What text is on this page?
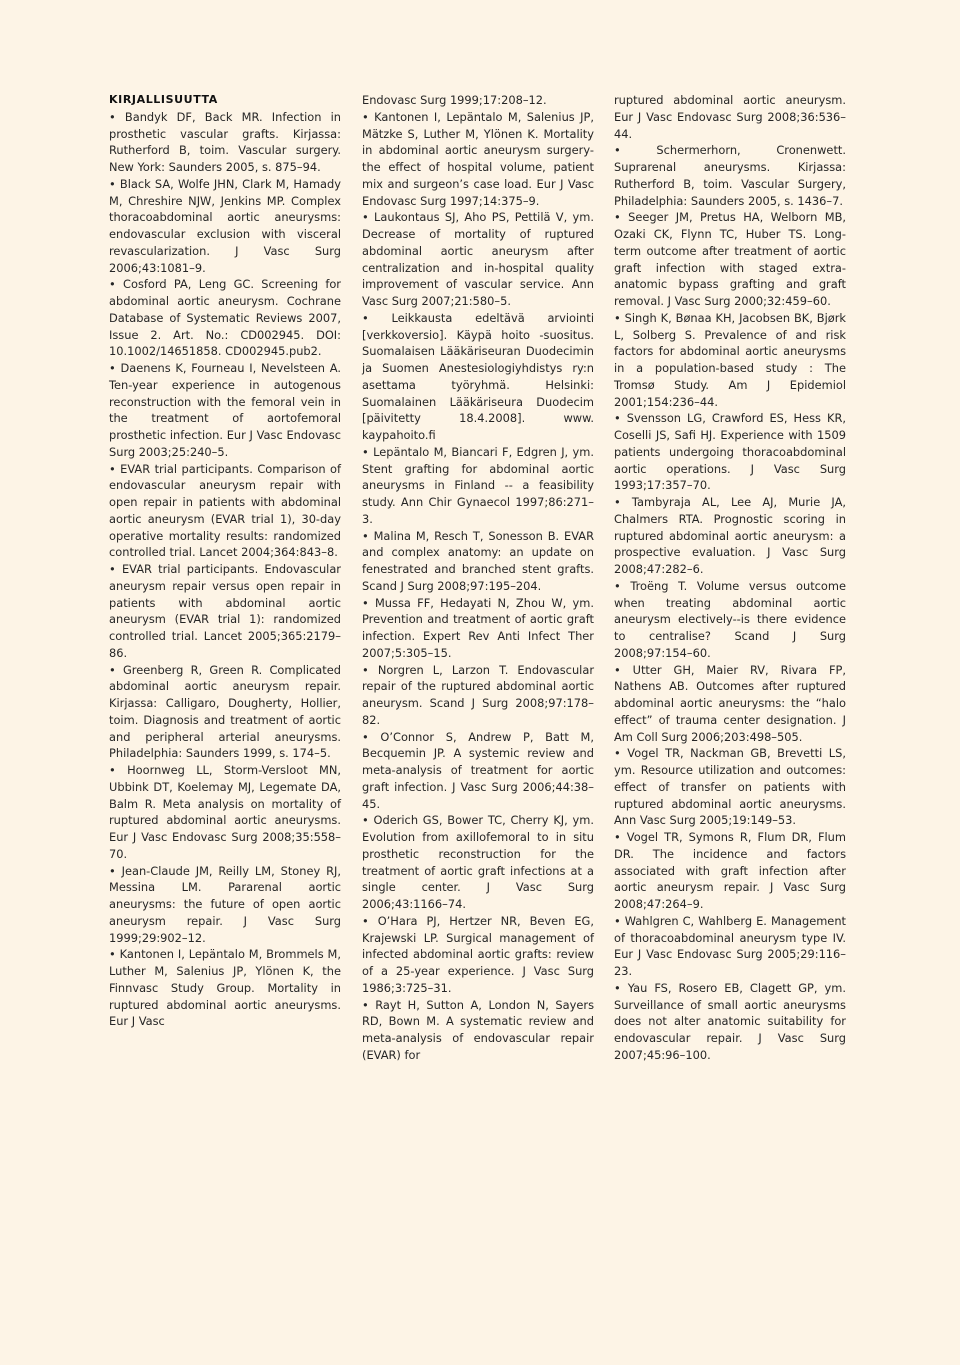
KIRJALLISUUTTA

• Bandyk DF, Back MR. Infection in prosthetic vascular grafts. Kirjassa: Rutherford B, toim. Vascular surgery. New York: Saunders 2005, s. 875–94.

• Black SA, Wolfe JHN, Clark M, Hamady M, Chreshire NJW, Jenkins MP. Complex thoracoabdominal aortic aneurysms: endovascular exclusion with visceral revascularization. J Vasc Surg 2006;43:1081–9.

• Cosford PA, Leng GC. Screening for abdominal aortic aneurysm. Cochrane Database of Systematic Reviews 2007, Issue 2. Art. No.: CD002945. DOI: 10.1002/14651858. CD002945.pub2.

• Daenens K, Fourneau I, Nevelsteen A. Ten-year experience in autogenous reconstruction with the femoral vein in the treatment of aortofemoral prosthetic infection. Eur J Vasc Endovasc Surg 2003;25:240–5.

• EVAR trial participants. Comparison of endovascular aneurysm repair with open repair in patients with abdominal aortic aneurysm (EVAR trial 1), 30-day operative mortality results: randomized controlled trial. Lancet 2004;364:843–8.

• EVAR trial participants. Endovascular aneurysm repair versus open repair in patients with abdominal aortic aneurysm (EVAR trial 1): randomized controlled trial. Lancet 2005;365:2179–86.

• Greenberg R, Green R. Complicated abdominal aortic aneurysm repair. Kirjassa: Calligaro, Dougherty, Hollier, toim. Diagnosis and treatment of aortic and peripheral arterial aneurysms. Philadelphia: Saunders 1999, s. 174–5.

• Hoornweg LL, Storm-Versloot MN, Ubbink DT, Koelemay MJ, Legemate DA, Balm R. Meta analysis on mortality of ruptured abdominal aortic aneurysms. Eur J Vasc Endovasc Surg 2008;35:558–70.

• Jean-Claude JM, Reilly LM, Stoney RJ, Messina LM. Pararenal aortic aneurysms: the future of open aortic aneurysm repair. J Vasc Surg 1999;29:902–12.

• Kantonen I, Lepäntalo M, Brommels M, Luther M, Salenius JP, Ylönen K, the Finnvasc Study Group. Mortality in ruptured abdominal aortic aneurysms. Eur J Vasc

Endovasc Surg 1999;17:208–12.

• Kantonen I, Lepäntalo M, Salenius JP, Mätzke S, Luther M, Ylönen K. Mortality in abdominal aortic aneurysm surgery-the effect of hospital volume, patient mix and surgeon’s case load. Eur J Vasc Endovasc Surg 1997;14:375–9.

• Laukontaus SJ, Aho PS, Pettilä V, ym. Decrease of mortality of ruptured abdominal aortic aneurysm after centralization and in-hospital quality improvement of vascular service. Ann Vasc Surg 2007;21:580–5.

• Leikkausta edeltävä arviointi [verkkoversio]. Käypä hoito -suositus. Suomalaisen Lääkäriseuran Duodecimin ja Suomen Anestesiologiyhdistys ry:n asettama työryhmä. Helsinki: Suomalainen Lääkäriseura Duodecim [päivitetty 18.4.2008]. www. kaypahoito.fi

• Lepäntalo M, Biancari F, Edgren J, ym. Stent grafting for abdominal aortic aneurysms in Finland -- a feasibility study. Ann Chir Gynaecol 1997;86:271–3.

• Malina M, Resch T, Sonesson B. EVAR and complex anatomy: an update on fenestrated and branched stent grafts. Scand J Surg 2008;97:195–204.

• Mussa FF, Hedayati N, Zhou W, ym. Prevention and treatment of aortic graft infection. Expert Rev Anti Infect Ther 2007;5:305–15.

• Norgren L, Larzon T. Endovascular repair of the ruptured abdominal aortic aneurysm. Scand J Surg 2008;97:178–82.

• O’Connor S, Andrew P, Batt M, Becquemin JP. A systemic review and meta-analysis of treatment for aortic graft infection. J Vasc Surg 2006;44:38–45.

• Oderich GS, Bower TC, Cherry KJ, ym. Evolution from axillofemoral to in situ prosthetic reconstruction for the treatment of aortic graft infections at a single center. J Vasc Surg 2006;43:1166–74.

• O’Hara PJ, Hertzer NR, Beven EG, Krajewski LP. Surgical management of infected abdominal aortic grafts: review of a 25-year experience. J Vasc Surg 1986;3:725–31.

• Rayt H, Sutton A, London N, Sayers RD, Bown M. A systematic review and meta-analysis of endovascular repair (EVAR) for

ruptured abdominal aortic aneurysm. Eur J Vasc Endovasc Surg 2008;36:536–44.

• Schermerhorn, Cronenwett. Suprarenal aneurysms. Kirjassa: Rutherford B, toim. Vascular Surgery, Philadelphia: Saunders 2005, s. 1436–7.

• Seeger JM, Pretus HA, Welborn MB, Ozaki CK, Flynn TC, Huber TS. Long-term outcome after treatment of aortic graft infection with staged extra-anatomic bypass grafting and graft removal. J Vasc Surg 2000;32:459–60.

• Singh K, Bønaa KH, Jacobsen BK, Bjørk L, Solberg S. Prevalence of and risk factors for abdominal aortic aneurysms in a population-based study : The Tromsø Study. Am J Epidemiol 2001;154:236–44.

• Svensson LG, Crawford ES, Hess KR, Coselli JS, Safi HJ. Experience with 1509 patients undergoing thoracoabdominal aortic operations. J Vasc Surg 1993;17:357–70.

• Tambyraja AL, Lee AJ, Murie JA, Chalmers RTA. Prognostic scoring in ruptured abdominal aortic aneurysm: a prospective evaluation. J Vasc Surg 2008;47:282–6.

• Troëng T. Volume versus outcome when treating abdominal aortic aneurysm electively--is there evidence to centralise? Scand J Surg 2008;97:154–60.

• Utter GH, Maier RV, Rivara FP, Nathens AB. Outcomes after ruptured abdominal aortic aneurysms: the “halo effect” of trauma center designation. J Am Coll Surg 2006;203:498–505.

• Vogel TR, Nackman GB, Brevetti LS, ym. Resource utilization and outcomes: effect of transfer on patients with ruptured abdominal aortic aneurysms. Ann Vasc Surg 2005;19:149–53.

• Vogel TR, Symons R, Flum DR, Flum DR. The incidence and factors associated with graft infection after aortic aneurysm repair. J Vasc Surg 2008;47:264–9.

• Wahlgren C, Wahlberg E. Management of thoracoabdominal aneurysm type IV. Eur J Vasc Endovasc Surg 2005;29:116–23.

• Yau FS, Rosero EB, Clagett GP, ym. Surveillance of small aortic aneurysms does not alter anatomic suitability for endovascular repair. J Vasc Surg 2007;45:96–100.
